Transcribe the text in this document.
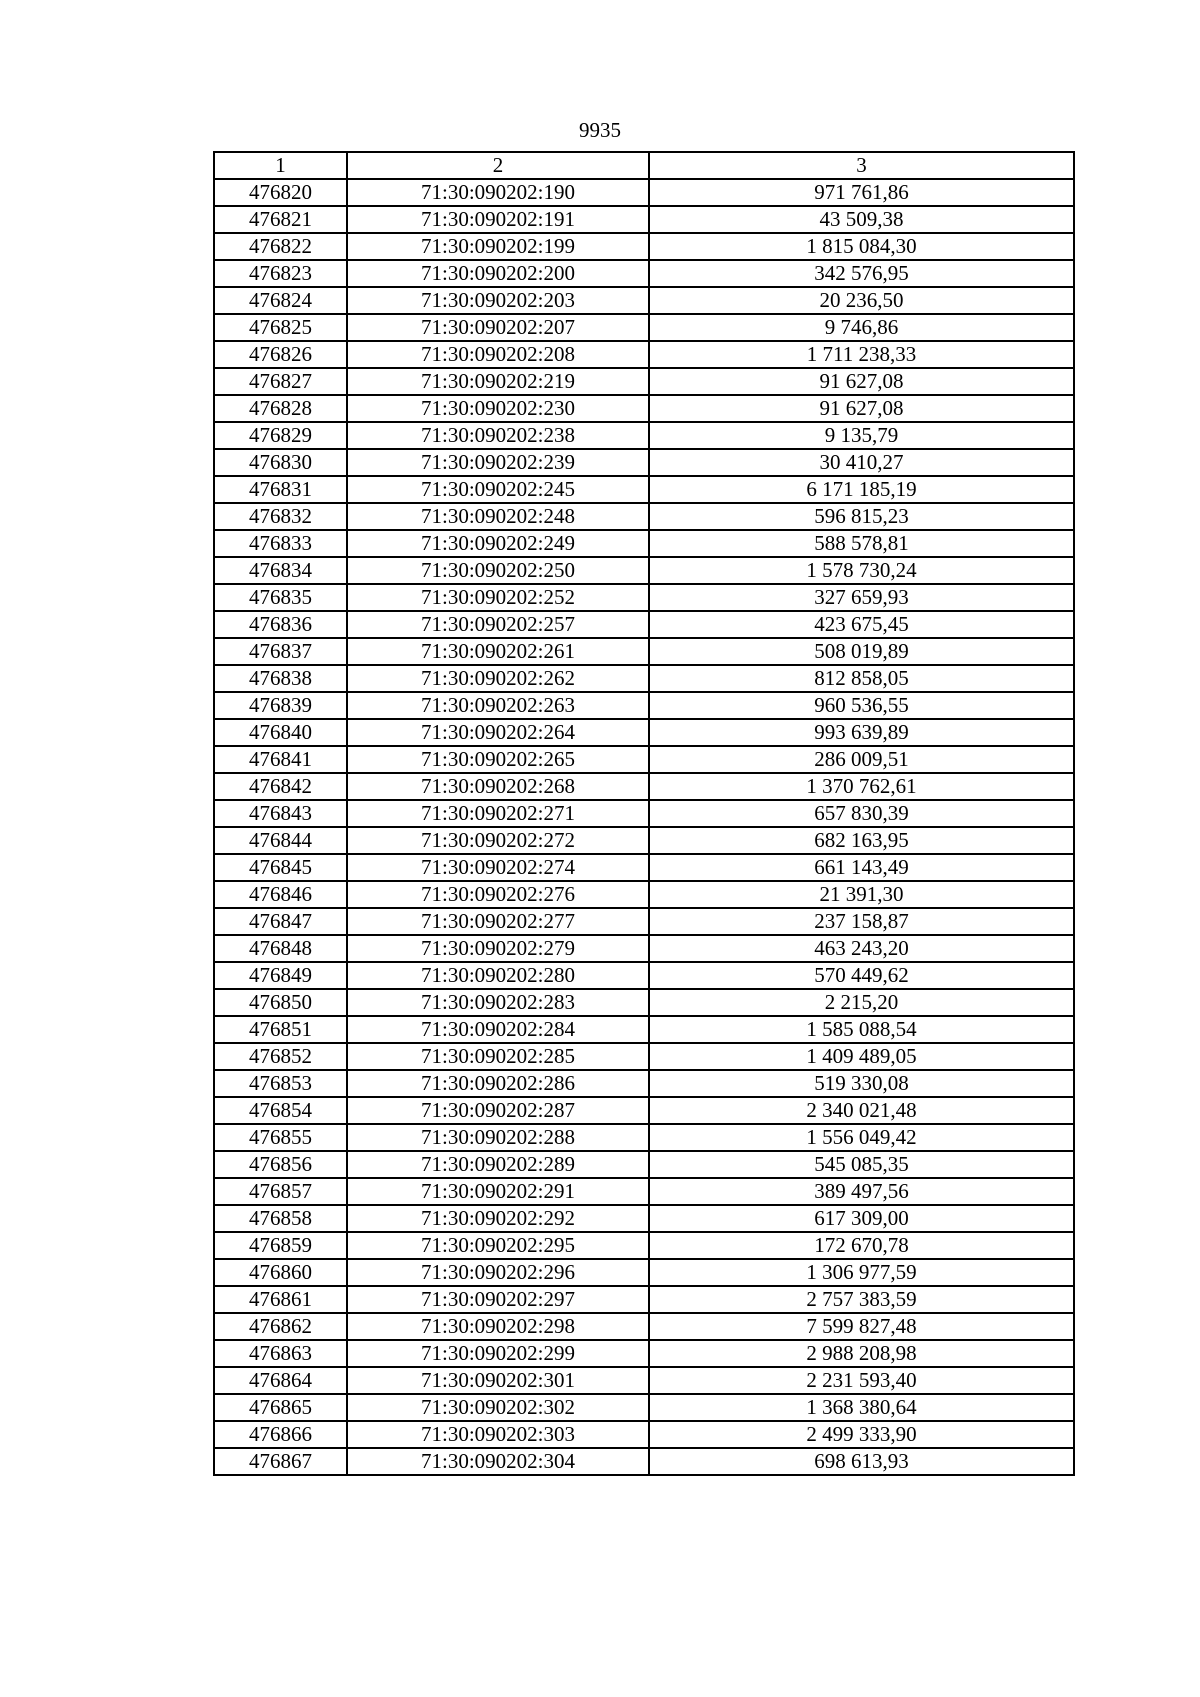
9935
1	2	3
476820	71:30:090202:190	971 761,86
476821	71:30:090202:191	43 509,38
476822	71:30:090202:199	1 815 084,30
476823	71:30:090202:200	342 576,95
476824	71:30:090202:203	20 236,50
476825	71:30:090202:207	9 746,86
476826	71:30:090202:208	1 711 238,33
476827	71:30:090202:219	91 627,08
476828	71:30:090202:230	91 627,08
476829	71:30:090202:238	9 135,79
476830	71:30:090202:239	30 410,27
476831	71:30:090202:245	6 171 185,19
476832	71:30:090202:248	596 815,23
476833	71:30:090202:249	588 578,81
476834	71:30:090202:250	1 578 730,24
476835	71:30:090202:252	327 659,93
476836	71:30:090202:257	423 675,45
476837	71:30:090202:261	508 019,89
476838	71:30:090202:262	812 858,05
476839	71:30:090202:263	960 536,55
476840	71:30:090202:264	993 639,89
476841	71:30:090202:265	286 009,51
476842	71:30:090202:268	1 370 762,61
476843	71:30:090202:271	657 830,39
476844	71:30:090202:272	682 163,95
476845	71:30:090202:274	661 143,49
476846	71:30:090202:276	21 391,30
476847	71:30:090202:277	237 158,87
476848	71:30:090202:279	463 243,20
476849	71:30:090202:280	570 449,62
476850	71:30:090202:283	2 215,20
476851	71:30:090202:284	1 585 088,54
476852	71:30:090202:285	1 409 489,05
476853	71:30:090202:286	519 330,08
476854	71:30:090202:287	2 340 021,48
476855	71:30:090202:288	1 556 049,42
476856	71:30:090202:289	545 085,35
476857	71:30:090202:291	389 497,56
476858	71:30:090202:292	617 309,00
476859	71:30:090202:295	172 670,78
476860	71:30:090202:296	1 306 977,59
476861	71:30:090202:297	2 757 383,59
476862	71:30:090202:298	7 599 827,48
476863	71:30:090202:299	2 988 208,98
476864	71:30:090202:301	2 231 593,40
476865	71:30:090202:302	1 368 380,64
476866	71:30:090202:303	2 499 333,90
476867	71:30:090202:304	698 613,93
